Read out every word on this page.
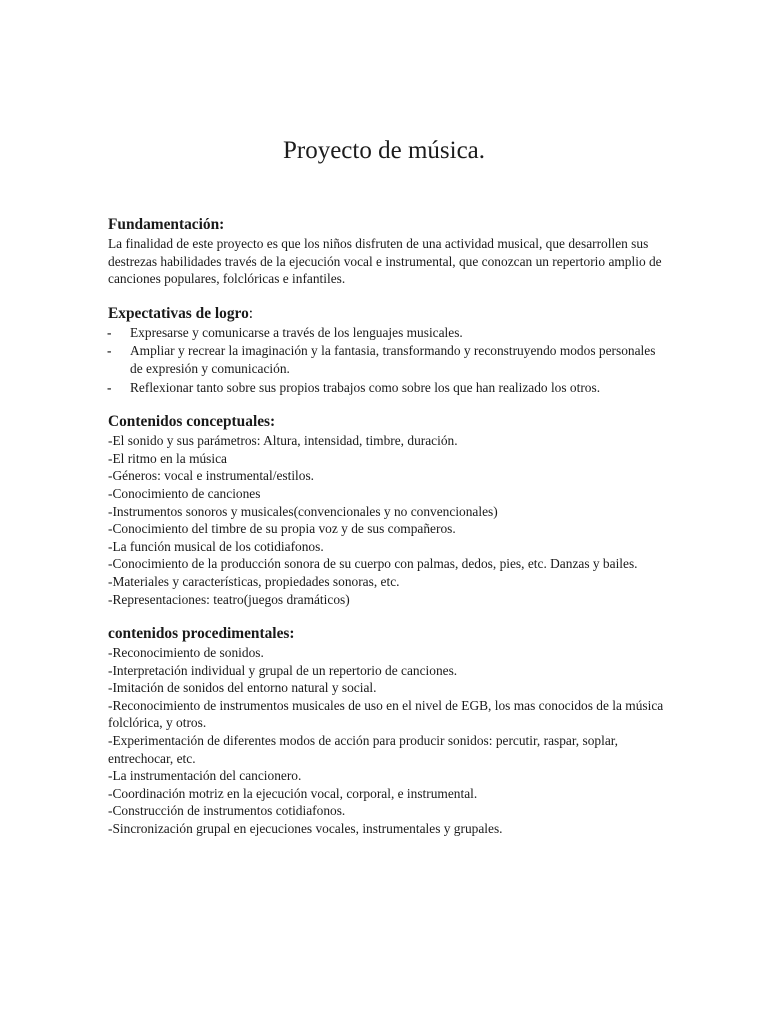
Proyecto de música.

Fundamentación:

La finalidad de este proyecto es que los niños disfruten de una actividad musical, que desarrollen sus destrezas habilidades través de la ejecución vocal e instrumental, que conozcan un repertorio amplio de canciones populares, folclóricas e infantiles.

Expectativas de logro:

- Expresarse y comunicarse a través de los lenguajes musicales.
- Ampliar y recrear la imaginación y la fantasia, transformando y reconstruyendo modos personales de expresión y comunicación.
- Reflexionar tanto sobre sus propios trabajos como sobre los que han realizado los otros.

Contenidos conceptuales:

-El sonido y sus parámetros: Altura, intensidad, timbre, duración.
-El ritmo en la música
-Géneros: vocal e instrumental/estilos.
-Conocimiento de canciones
-Instrumentos sonoros y musicales(convencionales y no convencionales)
-Conocimiento del timbre de su propia voz y de sus compañeros.
-La función musical de los cotidiafonos.
-Conocimiento de la producción sonora de su cuerpo con palmas, dedos, pies, etc. Danzas y bailes.
-Materiales y características, propiedades sonoras, etc.
-Representaciones: teatro(juegos dramáticos)

contenidos procedimentales:

-Reconocimiento de sonidos.
-Interpretación individual y grupal de un repertorio de canciones.
-Imitación de sonidos del entorno natural y social.
-Reconocimiento de instrumentos musicales de uso en el nivel de EGB, los mas conocidos de la música folclórica, y otros.
-Experimentación de diferentes modos de acción para producir sonidos: percutir, raspar, soplar, entrechocar, etc.
-La instrumentación del cancionero.
-Coordinación motriz en la ejecución vocal, corporal, e instrumental.
-Construcción de instrumentos cotidiafonos.
-Sincronización grupal en ejecuciones vocales, instrumentales y grupales.
